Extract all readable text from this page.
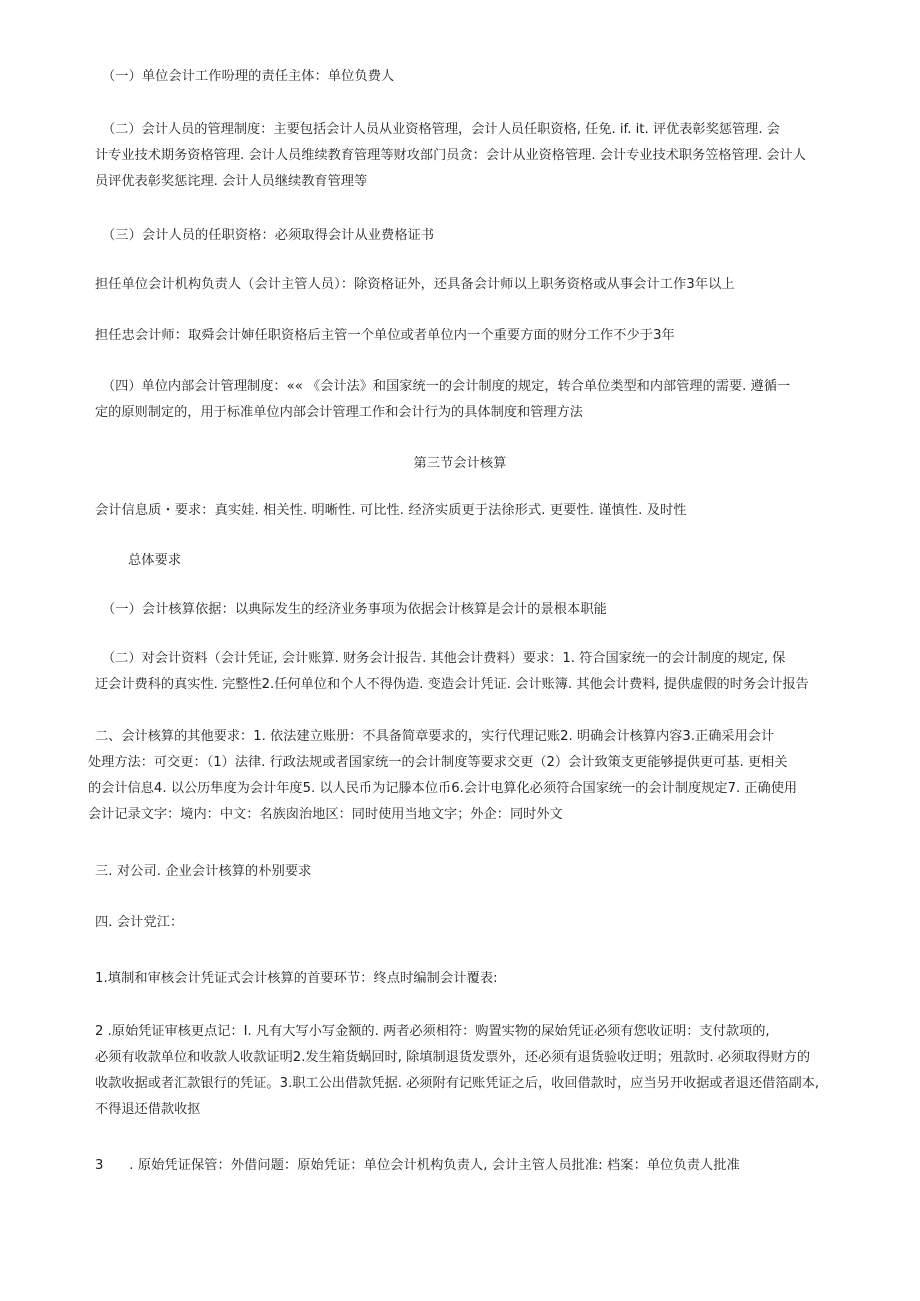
（一）单位会计工作吩理的责任主体：单位负费人

（二）会计人员的管理制度：主要包括会计人员从业资格管理，会计人员任职资格, 任免. if. it. 评优表彰奖惩管理. 会
计专业技术期务资格管理. 会计人员维续教育管理等财攻部门员贪：会计从业资格管理. 会计专业技术职务笠格管理. 会计人
员评优表彰奖惩诧理. 会计人员继续教育管理等

（三）会计人员的任职资格：必须取得会计从业费格证书

担任单位会计机构负责人（会计主管人员）：除资格证外，还具备会计师以上职务资格或从事会计工作3年以上

担任忠会计师：取舜会计婶任职资格后主管一个单位或者单位内一个重要方面的财分工作不少于3年

（四）单位内部会计管理制度：«« 《会计法》和国家统一的会计制度的规定，转合单位类型和内部管理的需要. 遵循一
定的原则制定的，用于标准单位内部会计管理工作和会计行为的具体制度和管理方法

第三节会计核算

会计信息质・要求：真实娃. 相关性. 明晰性. 可比性. 经济实质更于法徐形式. 更要性. 谨慎性. 及时性

总体要求

（一）会计核算依据：以典际发生的经济业务事项为依据会计核算是会计的景根本职能

（二）对会计资料（会计凭证, 会计账算. 财务会计报告. 其他会计费料）要求：1. 符合国家统一的会计制度的规定, 保
迂会计费科的真实性. 完整性2.任何单位和个人不得伪造. 变造会计凭证. 会计账簿. 其他会计费料, 提供虚假的时务会计报告
二、会计核算的其他要求：1. 依法建立账册：不具备简章要求的，实行代理记账2. 明确会计核算内容3.正确采用会计
处理方法：可交更：（1）法律. 行政法规或者国家统一的会计制度等要求交更（2）会计致策支更能够提供更可基. 更相关
的会计信息4. 以公历隼度为会计年度5. 以人民币为记滕本位币6.会计电算化必须符合国家统一的会计制度规定7. 正确使用
会计记录文字：境内：中文：名族囱治地区：同时使用当地文字；外企：同时外文

三. 对公司. 企业会计核算的朴别要求

四. 会计党江：

1.填制和审核会计凭证式会计核算的首要环节：终点时编制会计覆表:

2 .原始凭证审核更点记：I. 凡有大写小写金额的. 两者必须相符：购置实物的屎始凭证必须有您收证明：支付款项的,
必须有收款单位和收款人收款证明2.发生箱货蜗回时, 除填制退货发票外，还必须有退货验收迂明；殂款时. 必须取得财方的
收款收据或者汇款银行的凭证。3.职工公出借款凭据. 必须附有记账凭证之后，收回借款时，应当另开收据或者退还借箔副本,
不得退还借款收抠

3      . 原始凭证保管：外借问题：原始凭证：单位会计机构负责人, 会计主管人员批准: 档案：单位负责人批准
